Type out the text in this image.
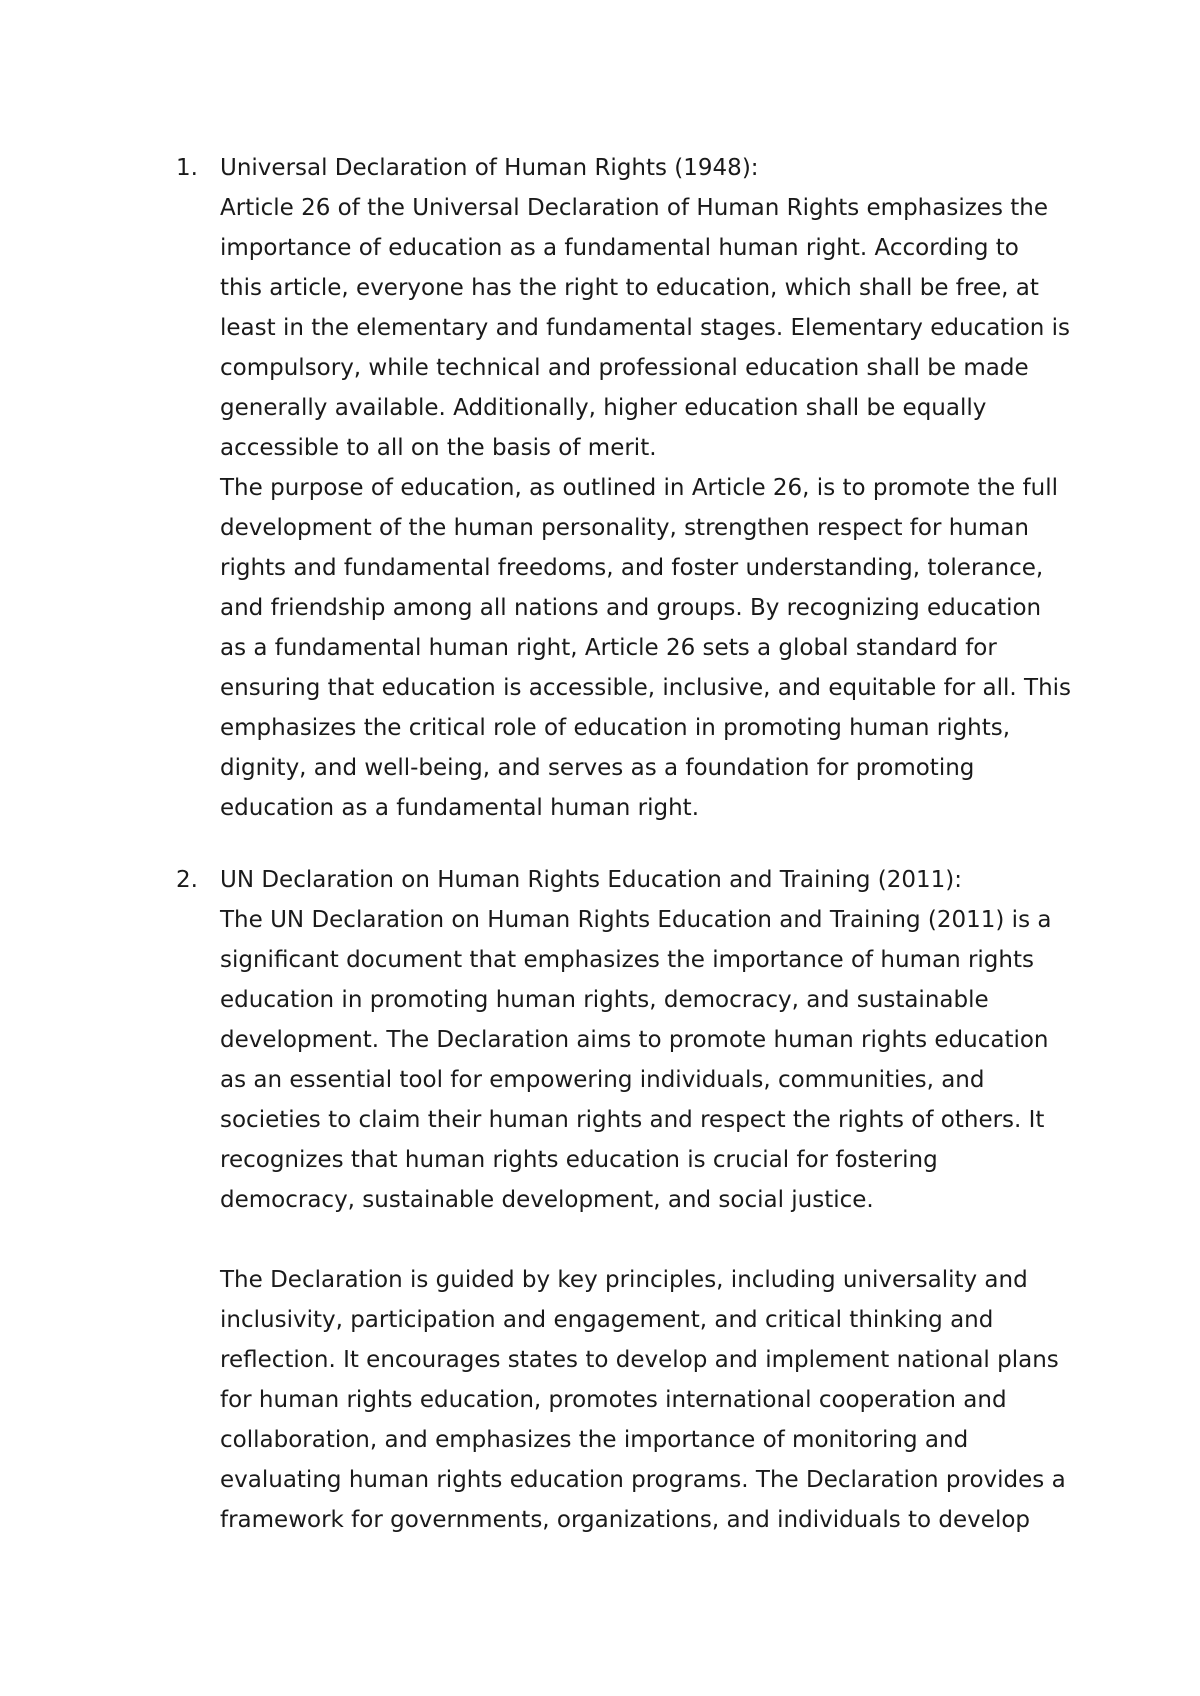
1. Universal Declaration of Human Rights (1948):
Article 26 of the Universal Declaration of Human Rights emphasizes the
importance of education as a fundamental human right. According to
this article, everyone has the right to education, which shall be free, at
least in the elementary and fundamental stages. Elementary education is
compulsory, while technical and professional education shall be made
generally available. Additionally, higher education shall be equally
accessible to all on the basis of merit.
The purpose of education, as outlined in Article 26, is to promote the full
development of the human personality, strengthen respect for human
rights and fundamental freedoms, and foster understanding, tolerance,
and friendship among all nations and groups. By recognizing education
as a fundamental human right, Article 26 sets a global standard for
ensuring that education is accessible, inclusive, and equitable for all. This
emphasizes the critical role of education in promoting human rights,
dignity, and well-being, and serves as a foundation for promoting
education as a fundamental human right.
2. UN Declaration on Human Rights Education and Training (2011):
The UN Declaration on Human Rights Education and Training (2011) is a
significant document that emphasizes the importance of human rights
education in promoting human rights, democracy, and sustainable
development. The Declaration aims to promote human rights education
as an essential tool for empowering individuals, communities, and
societies to claim their human rights and respect the rights of others. It
recognizes that human rights education is crucial for fostering
democracy, sustainable development, and social justice.
The Declaration is guided by key principles, including universality and
inclusivity, participation and engagement, and critical thinking and
reflection. It encourages states to develop and implement national plans
for human rights education, promotes international cooperation and
collaboration, and emphasizes the importance of monitoring and
evaluating human rights education programs. The Declaration provides a
framework for governments, organizations, and individuals to develop
